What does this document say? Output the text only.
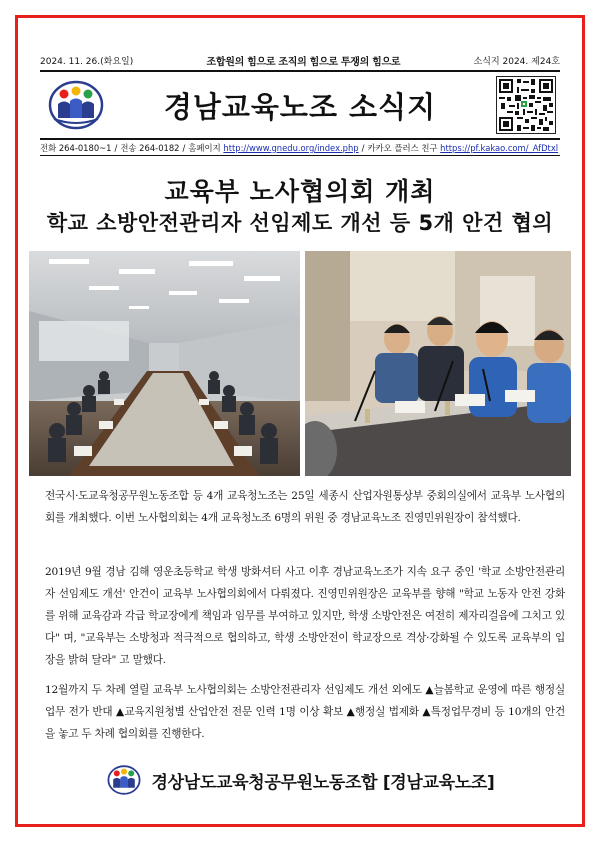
2024. 11. 26.(화요일)	조합원의 힘으로 조직의 힘으로 투쟁의 힘으로	소식지 2024. 제24호
경남교육노조 소식지
전화 264-0180~1 / 전송 264-0182 / 홈페이지
http://www.gnedu.org/index.php / 카카오 플러스 친구
https://pf.kakao.com/_AfDtxl
교육부 노사협의회 개최
학교 소방안전관리자 선임제도 개선 등 5개 안건 협의

전국시·도교육청공무원노동조합 등 4개 교육청노조는 25일 세종시 산업자원통상부 중회의실에서 교육부 노사협의회를 개최했다. 이번 노사협의회는 4개 교육청노조 6명의 위원 중 경남교육노조 진영민위원장이 참석했다.

2019년 9월 경남 김해 영운초등학교 학생 방화셔터 사고 이후 경남교육노조가 지속 요구 중인 '학교 소방안전관리자 선임제도 개선' 안건이 교육부 노사협의회에서 다뤄졌다. 진영민위원장은 교육부를 향해 "학교 노동자 안전 강화를 위해 교육감과 각급 학교장에게 책임과 임무를 부여하고 있지만, 학생 소방안전은 여전히 제자리걸음에 그치고 있다" 며, "교육부는 소방청과 적극적으로 협의하고, 학생 소방안전이 학교장으로 격상·강화될 수 있도록 교육부의 입장을 밝혀 달라" 고 말했다.

12월까지 두 차례 열릴 교육부 노사협의회는 소방안전관리자 선임제도 개선 외에도 ▲늘봄학교 운영에 따른 행정실 업무 전가 반대 ▲교육지원청별 산업안전 전문 인력 1명 이상 확보 ▲행정실 법제화 ▲특정업무경비 등 10개의 안건을 놓고 두 차례 협의회를 진행한다.

경상남도교육청공무원노동조합 [경남교육노조]
